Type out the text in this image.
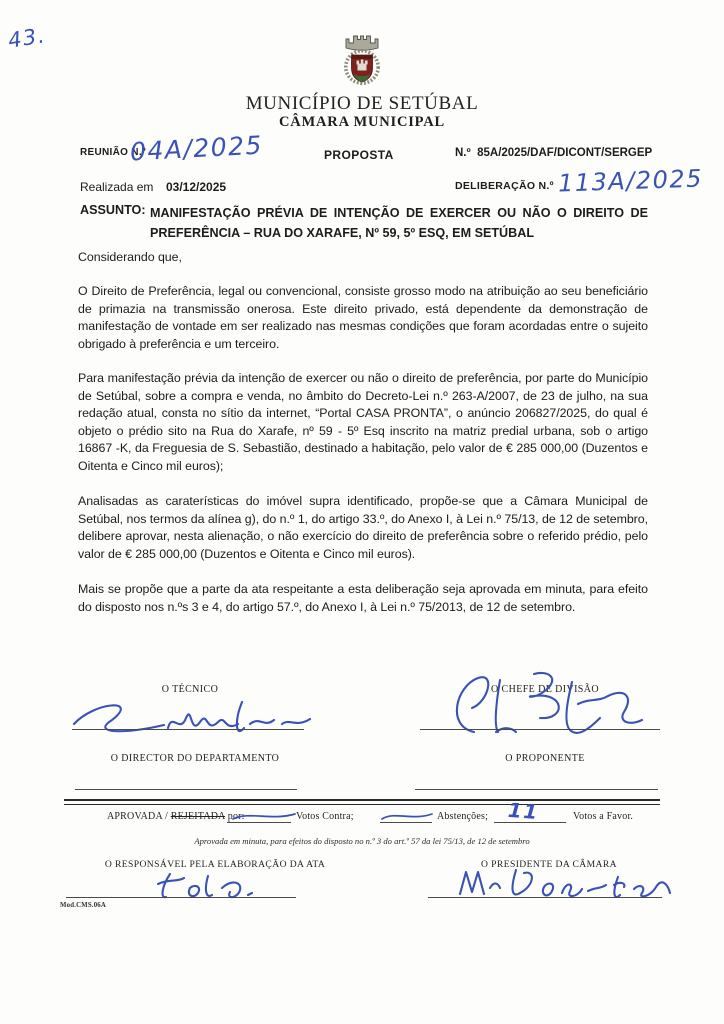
43.
MUNICÍPIO DE SETÚBAL
CÂMARA MUNICIPAL
REUNIÃO N.º
04A/2025	PROPOSTA	N.º 85A/2025/DAF/DICONT/SERGEP
Realizada em 03/12/2025	DELIBERAÇÃO N.º 113A/2025
ASSUNTO: MANIFESTAÇÃO PRÉVIA DE INTENÇÃO DE EXERCER OU NÃO O DIREITO DE PREFERÊNCIA – RUA DO XARAFE, Nº 59, 5º ESQ, EM SETÚBAL
Considerando que,
O Direito de Preferência, legal ou convencional, consiste grosso modo na atribuição ao seu beneficiário de primazia na transmissão onerosa. Este direito privado, está dependente da demonstração de manifestação de vontade em ser realizado nas mesmas condições que foram acordadas entre o sujeito obrigado à preferência e um terceiro.
Para manifestação prévia da intenção de exercer ou não o direito de preferência, por parte do Município de Setúbal, sobre a compra e venda, no âmbito do Decreto-Lei n.º 263-A/2007, de 23 de julho, na sua redação atual, consta no sítio da internet, “Portal CASA PRONTA”, o anúncio 206827/2025, do qual é objeto o prédio sito na Rua do Xarafe, nº 59 - 5º Esq inscrito na matriz predial urbana, sob o artigo 16867 -K, da Freguesia de S. Sebastião, destinado a habitação, pelo valor de € 285 000,00 (Duzentos e Oitenta e Cinco mil euros);
Analisadas as caraterísticas do imóvel supra identificado, propõe-se que a Câmara Municipal de Setúbal, nos termos da alínea g), do n.º 1, do artigo 33.º, do Anexo I, à Lei n.º 75/13, de 12 de setembro, delibere aprovar, nesta alienação, o não exercício do direito de preferência sobre o referido prédio, pelo valor de € 285 000,00 (Duzentos e Oitenta e Cinco mil euros).
Mais se propõe que a parte da ata respeitante a esta deliberação seja aprovada em minuta, para efeito do disposto nos n.ºs 3 e 4, do artigo 57.º, do Anexo I, à Lei n.º 75/2013, de 12 de setembro.
O TÉCNICO	O CHEFE DE DIVISÃO
O DIRECTOR DO DEPARTAMENTO	O PROPONENTE
APROVADA / REJEITADA por:	Votos Contra;	Abstenções; 11	Votos a Favor.
Aprovada em minuta, para efeitos do disposto no n.º 3 do art.º 57 da lei 75/13, de 12 de setembro
O RESPONSÁVEL PELA ELABORAÇÃO DA ATA	O PRESIDENTE DA CÂMARA
Mod.CMS.06A
